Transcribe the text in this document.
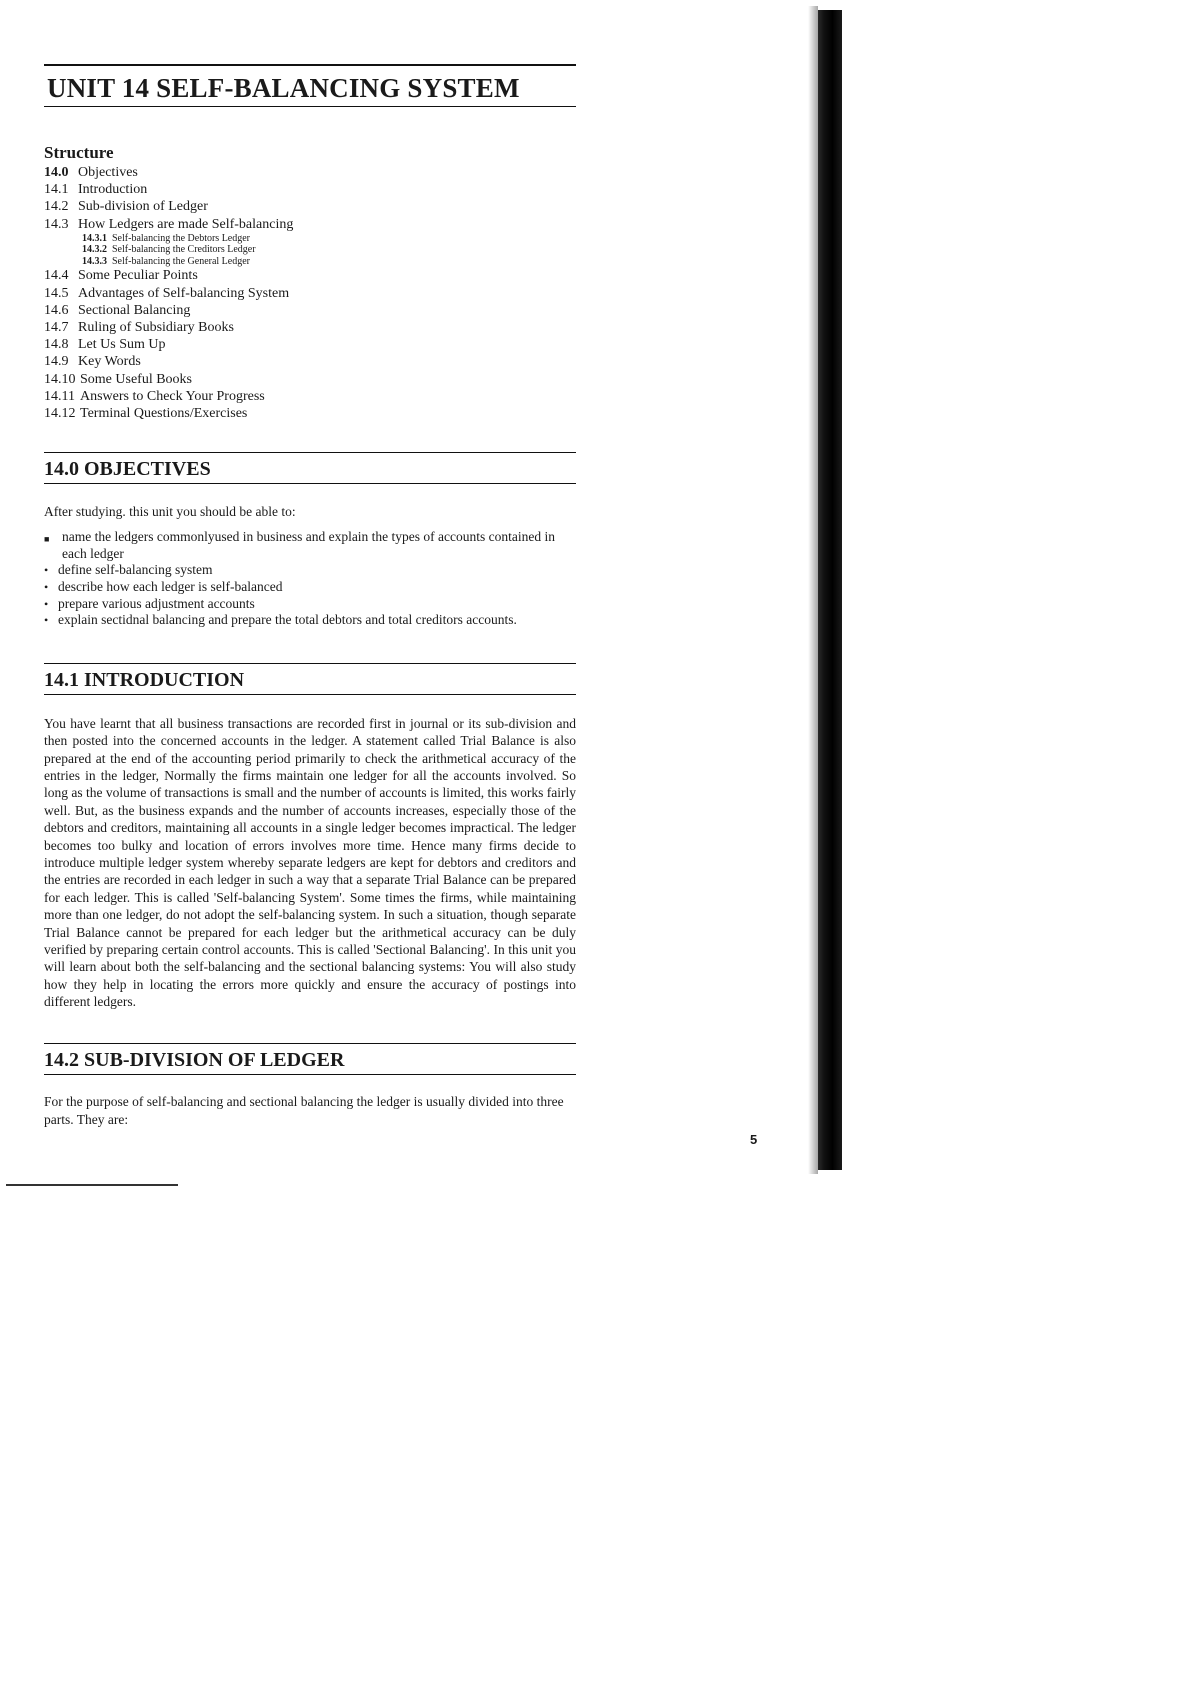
UNIT 14 SELF-BALANCING SYSTEM
Structure
14.0 Objectives
14.1 Introduction
14.2 Sub-division of Ledger
14.3 How Ledgers are made Self-balancing
14.3.1 Self-balancing the Debtors Ledger
14.3.2 Self-balancing the Creditors Ledger
14.3.3 Self-balancing the General Ledger
14.4 Some Peculiar Points
14.5 Advantages of Self-balancing System
14.6 Sectional Balancing
14.7 Ruling of Subsidiary Books
14.8 Let Us Sum Up
14.9 Key Words
14.10 Some Useful Books
14.11 Answers to Check Your Progress
14.12 Terminal Questions/Exercises
14.0 OBJECTIVES
After studying. this unit you should be able to:
■ name the ledgers commonlyused in business and explain the types of accounts contained in each ledger
• define self-balancing system
• describe how each ledger is self-balanced
• prepare various adjustment accounts
• explain sectidnal balancing and prepare the total debtors and total creditors accounts.
14.1 INTRODUCTION

You have learnt that all business transactions are recorded first in journal or its sub-division and then posted into the concerned accounts in the ledger. A statement called Trial Balance is also prepared at the end of the accounting period primarily to check the arithmetical accuracy of the entries in the ledger, Normally the firms maintain one ledger for all the accounts involved. So long as the volume of transactions is small and the number of accounts is limited, this works fairly well. But, as the business expands and the number of accounts increases, especially those of the debtors and creditors, maintaining all accounts in a single ledger becomes impractical. The ledger becomes too bulky and location of errors involves more time. Hence many firms decide to introduce multiple ledger system whereby separate ledgers are kept for debtors and creditors and the entries are recorded in each ledger in such a way that a separate Trial Balance can be prepared for each ledger. This is called 'Self-balancing System'. Some times the firms, while maintaining more than one ledger, do not adopt the self-balancing system. In such a situation, though separate Trial Balance cannot be prepared for each ledger but the arithmetical accuracy can be duly verified by preparing certain control accounts. This is called 'Sectional Balancing'. In this unit you will learn about both the self-balancing and the sectional balancing systems: You will also study how they help in locating the errors more quickly and ensure the accuracy of postings into different ledgers.

14.2 SUB-DIVISION OF LEDGER

For the purpose of self-balancing and sectional balancing the ledger is usually divided into three parts. They are:

5
